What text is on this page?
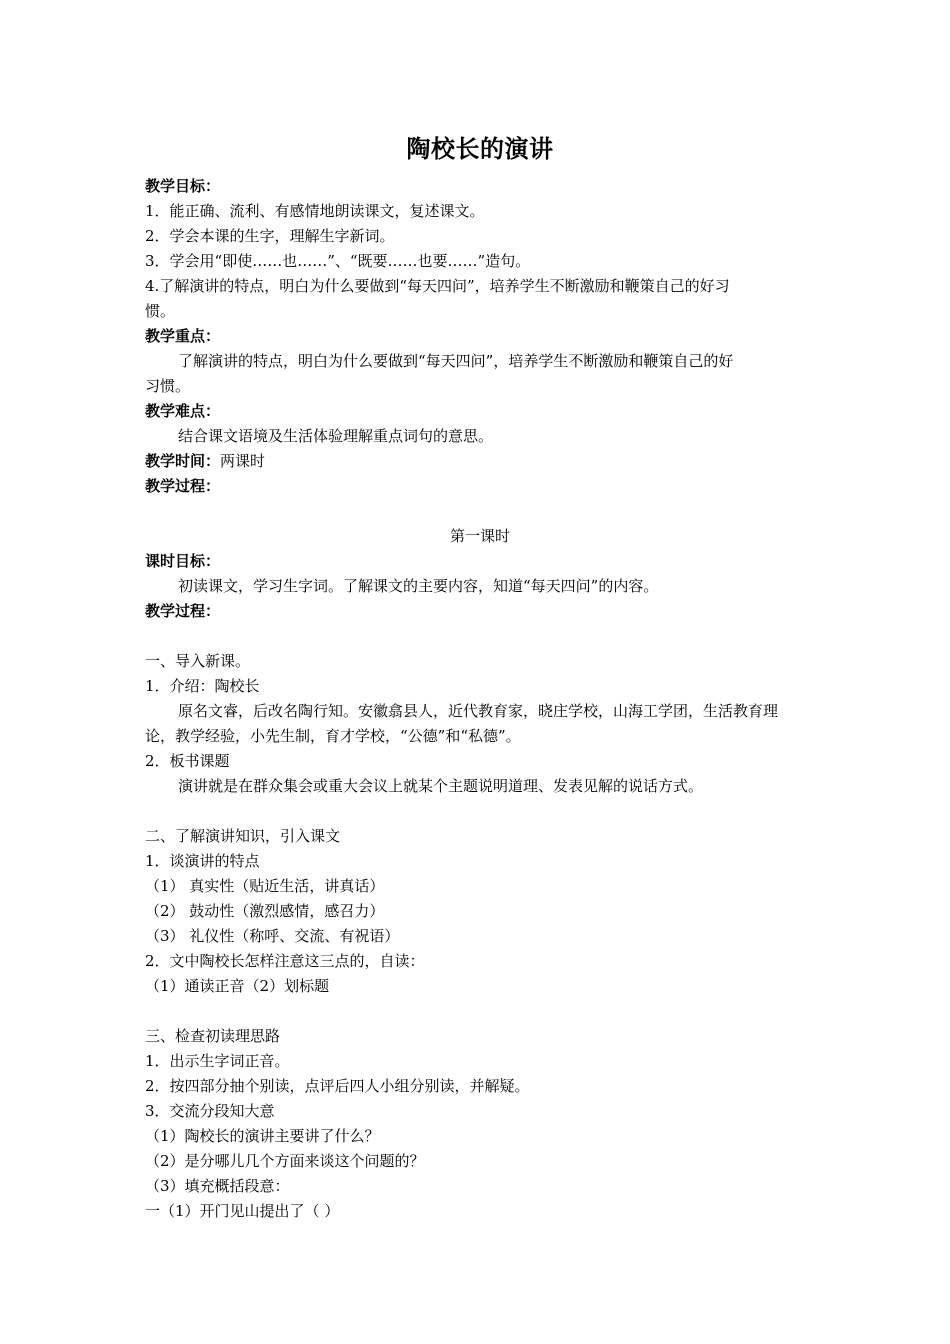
陶校长的演讲
教学目标：
1．能正确、流利、有感情地朗读课文，复述课文。
2．学会本课的生字，理解生字新词。
3．学会用“即使……也……”、“既要……也要……”造句。
4.了解演讲的特点，明白为什么要做到“每天四问”，培养学生不断激励和鞭策自己的好习
惯。
教学重点：
了解演讲的特点，明白为什么要做到“每天四问”，培养学生不断激励和鞭策自己的好
习惯。
教学难点：
结合课文语境及生活体验理解重点词句的意思。
教学时间：两课时
教学过程：
第一课时
课时目标：
初读课文，学习生字词。了解课文的主要内容，知道“每天四问”的内容。
教学过程：
一、导入新课。
1．介绍：陶校长
原名文睿，后改名陶行知。安徽翕县人，近代教育家，晓庄学校，山海工学团，生活教育理
论，教学经验，小先生制，育才学校，“公德”和“私德”。
2．板书课题
演讲就是在群众集会或重大会议上就某个主题说明道理、发表见解的说话方式。
二、了解演讲知识，引入课文
1．谈演讲的特点
（1） 真实性（贴近生活，讲真话）
（2） 鼓动性（激烈感情，感召力）
（3） 礼仪性（称呼、交流、有祝语）
2．文中陶校长怎样注意这三点的，自读：
（1）通读正音（2）划标题
三、检查初读理思路
1．出示生字词正音。
2．按四部分抽个别读，点评后四人小组分别读，并解疑。
3．交流分段知大意
（1）陶校长的演讲主要讲了什么？
（2）是分哪儿几个方面来谈这个问题的？
（3）填充概括段意：
一（1）开门见山提出了（ ）
